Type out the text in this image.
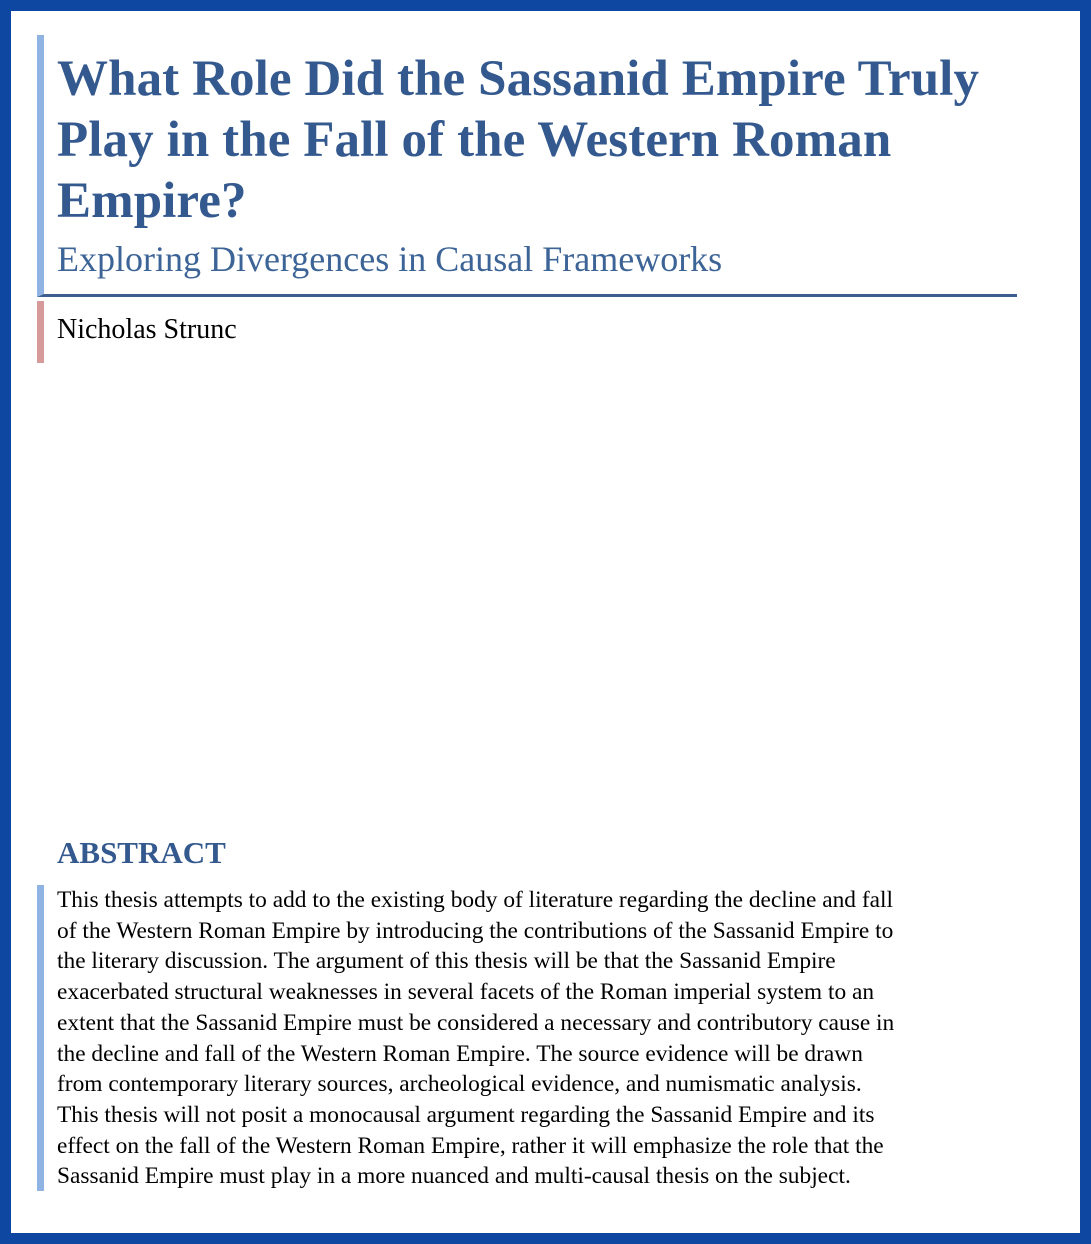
What Role Did the Sassanid Empire Truly Play in the Fall of the Western Roman Empire?
Exploring Divergences in Causal Frameworks
Nicholas Strunc
ABSTRACT

This thesis attempts to add to the existing body of literature regarding the decline and fall
of the Western Roman Empire by introducing the contributions of the Sassanid Empire to
the literary discussion. The argument of this thesis will be that the Sassanid Empire
exacerbated structural weaknesses in several facets of the Roman imperial system to an
extent that the Sassanid Empire must be considered a necessary and contributory cause in
the decline and fall of the Western Roman Empire. The source evidence will be drawn
from contemporary literary sources, archeological evidence, and numismatic analysis.
This thesis will not posit a monocausal argument regarding the Sassanid Empire and its
effect on the fall of the Western Roman Empire, rather it will emphasize the role that the
Sassanid Empire must play in a more nuanced and multi-causal thesis on the subject.
